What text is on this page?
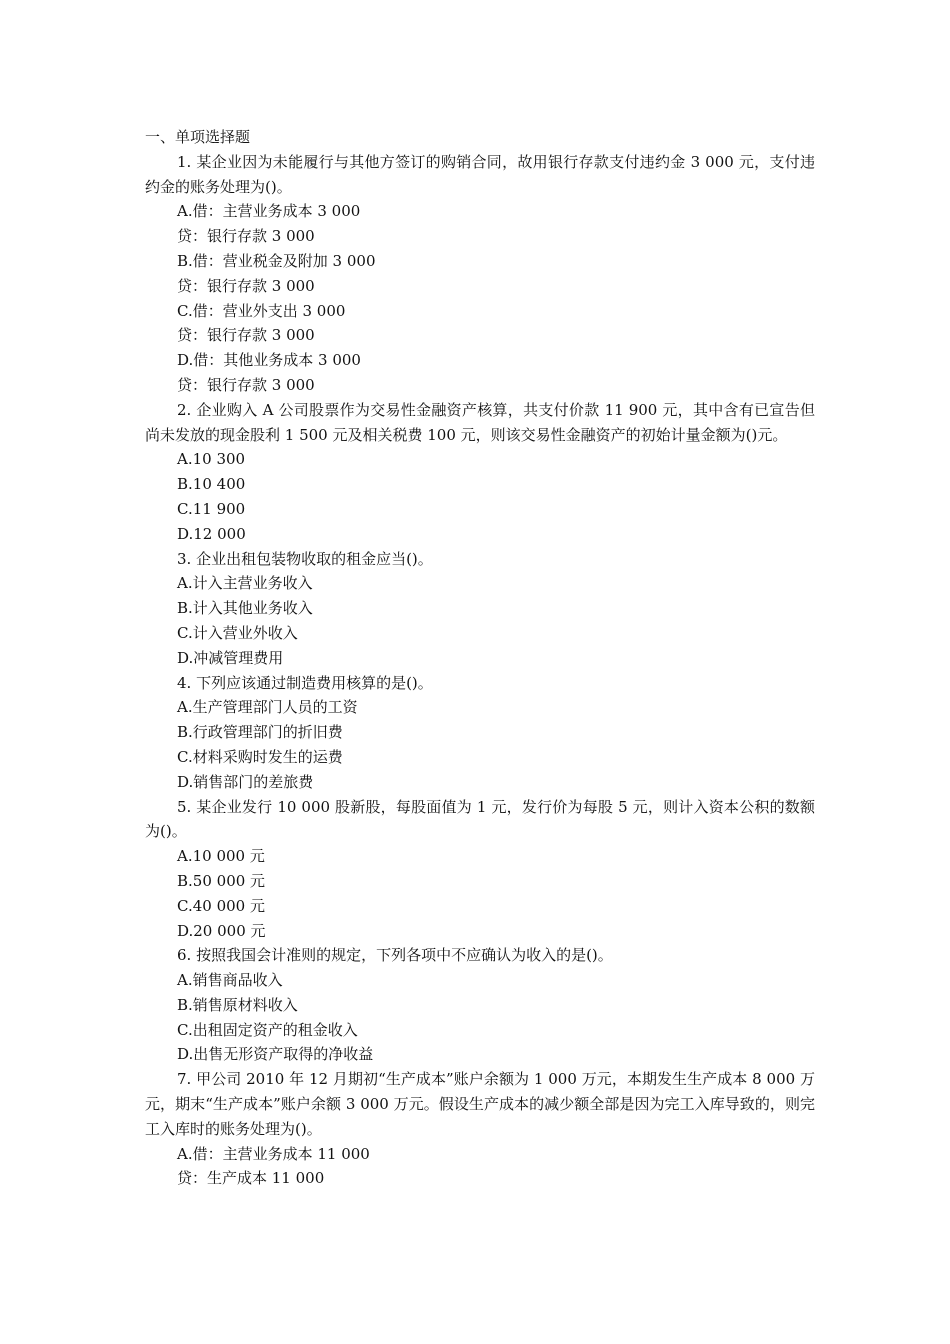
一、单项选择题
1. 某企业因为未能履行与其他方签订的购销合同，故用银行存款支付违约金 3 000 元，支付违约金的账务处理为()。
A.借：主营业务成本 3 000
贷：银行存款 3 000
B.借：营业税金及附加 3 000
贷：银行存款 3 000
C.借：营业外支出 3 000
贷：银行存款 3 000
D.借：其他业务成本 3 000
贷：银行存款 3 000
2. 企业购入 A 公司股票作为交易性金融资产核算，共支付价款 11 900 元，其中含有已宣告但尚未发放的现金股利 1 500 元及相关税费 100 元，则该交易性金融资产的初始计量金额为()元。
A.10 300
B.10 400
C.11 900
D.12 000
3. 企业出租包装物收取的租金应当()。
A.计入主营业务收入
B.计入其他业务收入
C.计入营业外收入
D.冲减管理费用
4. 下列应该通过制造费用核算的是()。
A.生产管理部门人员的工资
B.行政管理部门的折旧费
C.材料采购时发生的运费
D.销售部门的差旅费
5. 某企业发行 10 000 股新股，每股面值为 1 元，发行价为每股 5 元，则计入资本公积的数额为()。
A.10 000 元
B.50 000 元
C.40 000 元
D.20 000 元
6. 按照我国会计准则的规定，下列各项中不应确认为收入的是()。
A.销售商品收入
B.销售原材料收入
C.出租固定资产的租金收入
D.出售无形资产取得的净收益
7. 甲公司 2010 年 12 月期初“生产成本”账户余额为 1 000 万元，本期发生生产成本 8 000 万元，期末“生产成本”账户余额 3 000 万元。假设生产成本的减少额全部是因为完工入库导致的，则完工入库时的账务处理为()。
A.借：主营业务成本 11 000
贷：生产成本 11 000
